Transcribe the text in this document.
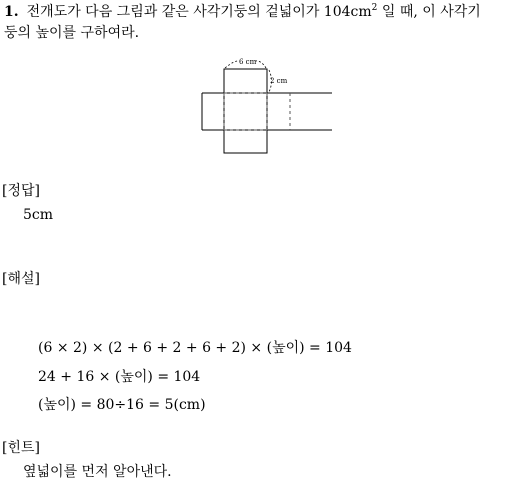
1. 전개도가 다음 그림과 같은 사각기둥의 겉넓이가 $104cm^2$ 일 때, 이 사각기
둥의 높이를 구하여라.
6 cm
2 cm
[정답]
5cm
[해설]
(6 × 2) × (2 + 6 + 2 + 6 + 2) × (높이) = 104
24 + 16 × (높이) = 104
(높이) = 80÷16 = 5(cm)
[힌트]
옆넓이를 먼저 알아낸다.
